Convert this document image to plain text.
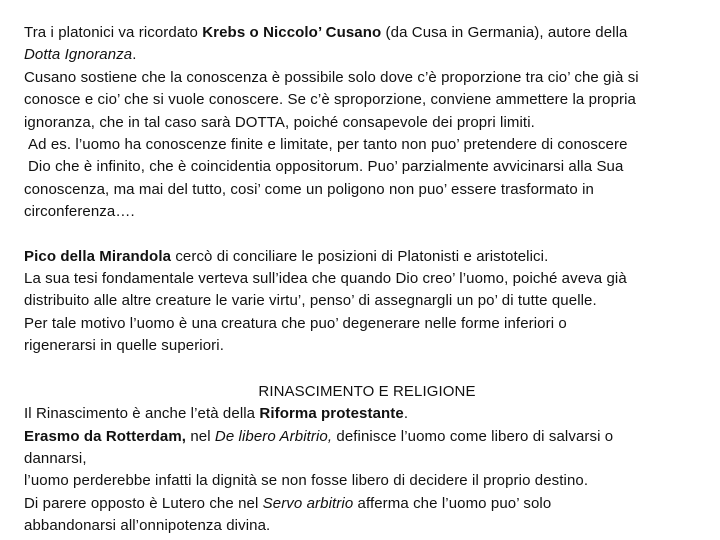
Tra i platonici va ricordato Krebs o Niccolo’ Cusano (da Cusa in Germania), autore della
Dotta Ignoranza.
Cusano sostiene che la conoscenza è possibile solo dove c’è proporzione tra cio’ che già si
conosce e cio’ che si vuole conoscere. Se c’è sproporzione, conviene ammettere la propria
ignoranza, che in tal caso sarà DOTTA, poiché consapevole dei propri limiti.
Ad es. l’uomo ha conoscenze finite e limitate, per tanto non puo’ pretendere di conoscere
Dio che è infinito, che è coincidentia oppositorum. Puo’ parzialmente avvicinarsi alla Sua
conoscenza, ma mai del tutto, cosi’ come un poligono non puo’ essere trasformato in
circonferenza….
Pico della Mirandola cercò di conciliare le posizioni di Platonisti e aristotelici.
La sua tesi fondamentale verteva sull’idea che quando Dio creo’ l’uomo, poiché aveva già
distribuito alle altre creature le varie virtu’, penso’ di assegnargli un po’ di tutte quelle.
Per tale motivo l’uomo è una creatura che puo’ degenerare nelle forme inferiori o
rigenerarsi in quelle superiori.
RINASCIMENTO E RELIGIONE
Il Rinascimento è anche l’età della Riforma protestante.
Erasmo da Rotterdam, nel De libero Arbitrio, definisce l’uomo come libero di salvarsi o
dannarsi,
l’uomo perderebbe infatti la dignità se non fosse libero di decidere il proprio destino.
Di parere opposto è Lutero che nel Servo arbitrio afferma che l’uomo puo’ solo
abbandonarsi all’onnipotenza divina.
